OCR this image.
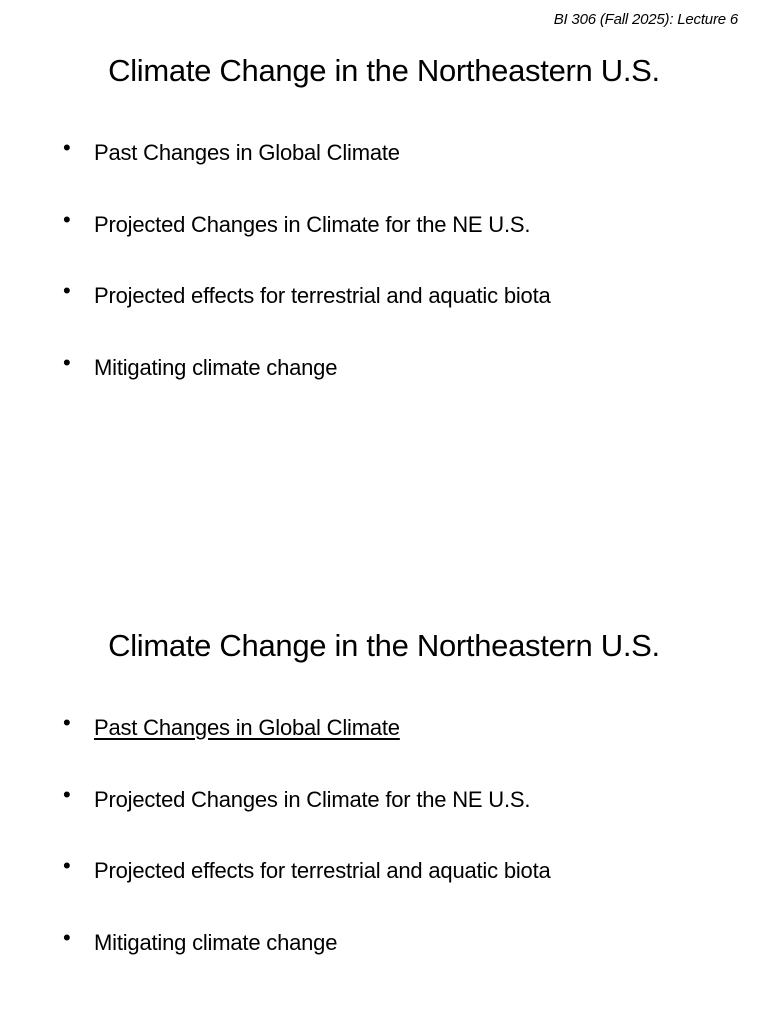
BI 306 (Fall 2025): Lecture 6
Climate Change in the Northeastern U.S.
• Past Changes in Global Climate
• Projected Changes in Climate for the NE U.S.
• Projected effects for terrestrial and aquatic biota
• Mitigating climate change
Climate Change in the Northeastern U.S.
• Past Changes in Global Climate
• Projected Changes in Climate for the NE U.S.
• Projected effects for terrestrial and aquatic biota
• Mitigating climate change
